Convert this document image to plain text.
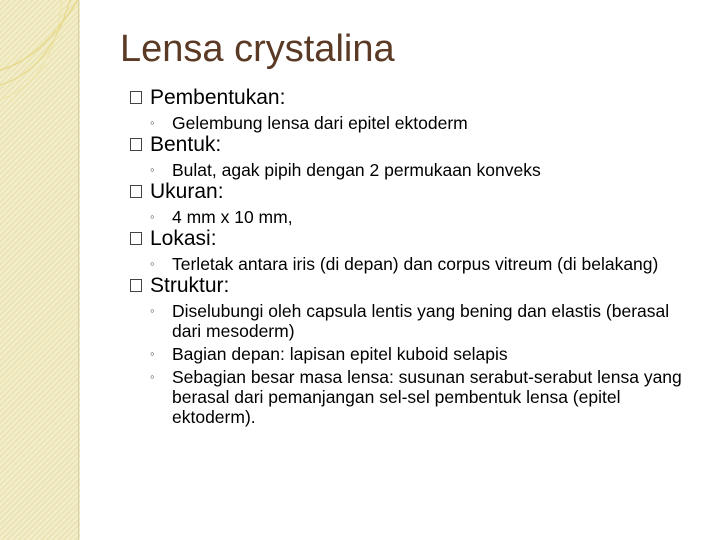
Lensa crystalina
Pembentukan:
◦ Gelembung lensa dari epitel ektoderm
Bentuk:
◦ Bulat, agak pipih dengan 2 permukaan konveks
Ukuran:
◦ 4 mm x 10 mm,
Lokasi:
◦ Terletak antara iris (di depan) dan corpus vitreum (di belakang)
Struktur:
◦ Diselubungi oleh capsula lentis yang bening dan elastis (berasal dari mesoderm)
◦ Bagian depan: lapisan epitel kuboid selapis
◦ Sebagian besar masa lensa: susunan serabut-serabut lensa yang berasal dari pemanjangan sel-sel pembentuk lensa (epitel ektoderm).
